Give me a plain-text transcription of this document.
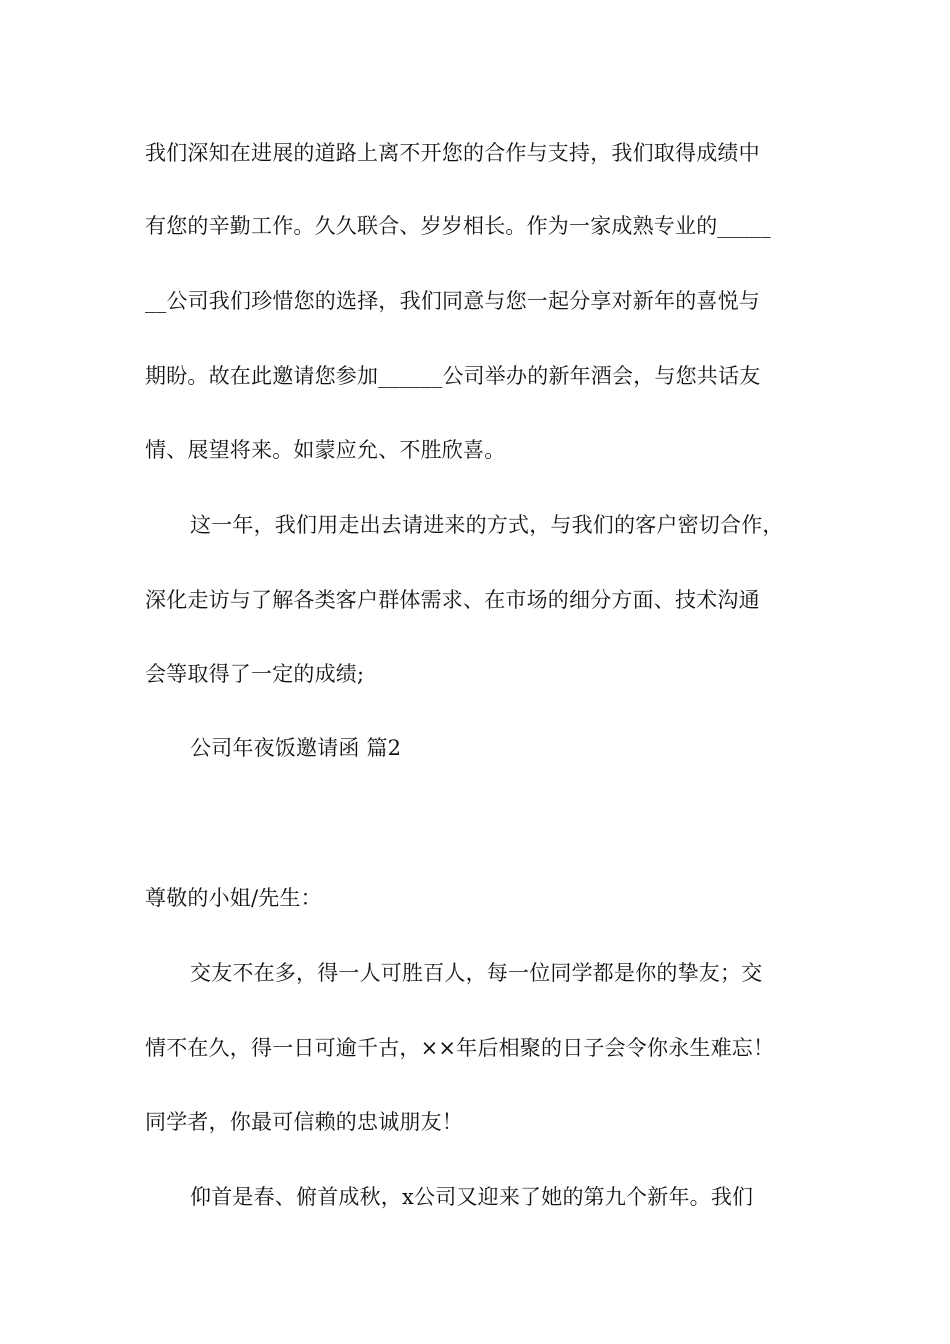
我们深知在进展的道路上离不开您的合作与支持，我们取得成绩中
有您的辛勤工作。久久联合、岁岁相长。作为一家成熟专业的_____
__公司我们珍惜您的选择，我们同意与您一起分享对新年的喜悦与
期盼。故在此邀请您参加______公司举办的新年酒会，与您共话友
情、展望将来。如蒙应允、不胜欣喜。
这一年，我们用走出去请进来的方式，与我们的客户密切合作，
深化走访与了解各类客户群体需求、在市场的细分方面、技术沟通
会等取得了一定的成绩;
公司年夜饭邀请函 篇2
尊敬的小姐/先生：
交友不在多，得一人可胜百人，每一位同学都是你的挚友；交
情不在久，得一日可逾千古，××年后相聚的日子会令你永生难忘！
同学者，你最可信赖的忠诚朋友！
仰首是春、俯首成秋，x公司又迎来了她的第九个新年。我们
